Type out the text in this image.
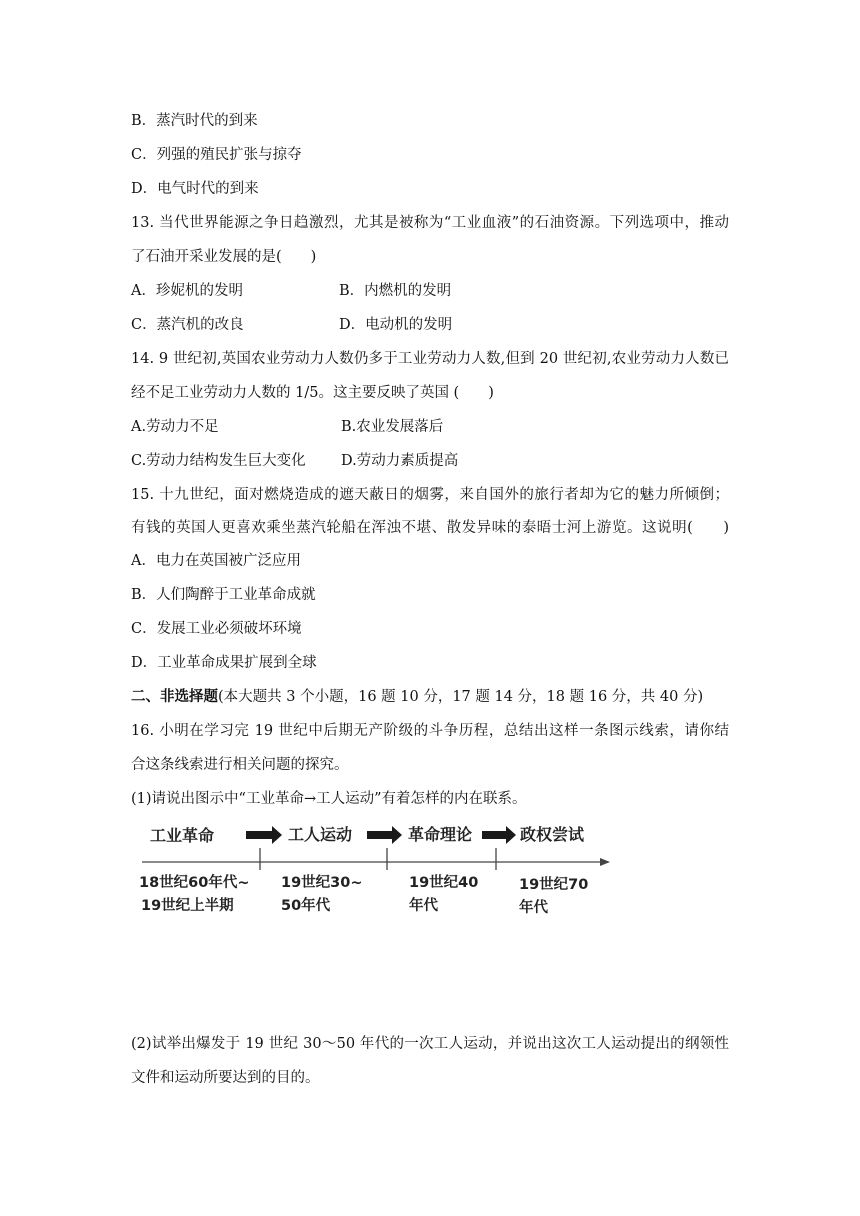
B．蒸汽时代的到来
C．列强的殖民扩张与掠夺
D．电气时代的到来
13. 当代世界能源之争日趋激烈，尤其是被称为“工业血液”的石油资源。下列选项中，推动
了石油开采业发展的是(　　)
A．珍妮机的发明	B．内燃机的发明
C．蒸汽机的改良	D．电动机的发明
14. 9 世纪初,英国农业劳动力人数仍多于工业劳动力人数,但到 20 世纪初,农业劳动力人数已
经不足工业劳动力人数的 1/5。这主要反映了英国 (　　)
A.劳动力不足	B.农业发展落后
C.劳动力结构发生巨大变化 D.劳动力素质提高
15. 十九世纪，面对燃烧造成的遮天蔽日的烟雾，来自国外的旅行者却为它的魅力所倾倒；
有钱的英国人更喜欢乘坐蒸汽轮船在浑浊不堪、散发异味的泰晤士河上游览。这说明(　　)
A．电力在英国被广泛应用
B．人们陶醉于工业革命成就
C．发展工业必须破坏环境
D．工业革命成果扩展到全球
二、非选择题(本大题共 3 个小题，16 题 10 分，17 题 14 分，18 题 16 分，共 40 分)
16. 小明在学习完 19 世纪中后期无产阶级的斗争历程，总结出这样一条图示线索，请你结
合这条线索进行相关问题的探究。
(1)请说出图示中“工业革命→工人运动”有着怎样的内在联系。
工业革命	工人运动	革命理论	政权尝试
18世纪60年代~
19世纪上半期
19世纪30~
50年代
19世纪40
年代
19世纪70
年代
(2)试举出爆发于 19 世纪 30～50 年代的一次工人运动，并说出这次工人运动提出的纲领性
文件和运动所要达到的目的。
